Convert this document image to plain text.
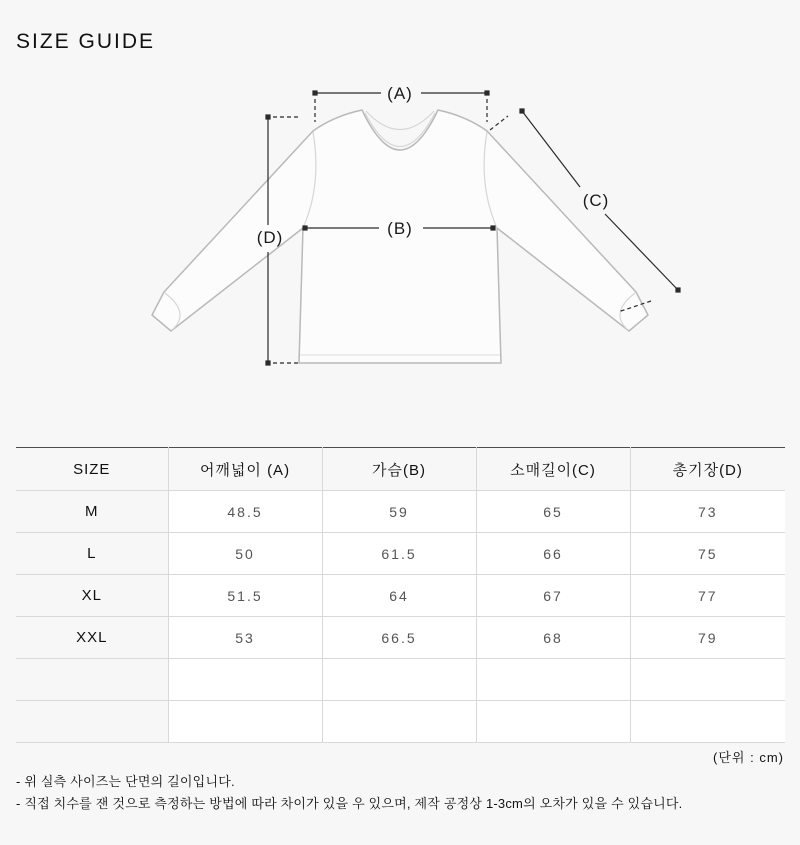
SIZE GUIDE
(A)
(B)
(C)
(D)
SIZE	어깨넓이 (A)	가슴(B)	소매길이(C)	총기장(D)
M	48.5	59	65	73
L	50	61.5	66	75
XL	51.5	64	67	77
XXL	53	66.5	68	79

(단위 : cm)
- 위 실측 사이즈는 단면의 길이입니다.
- 직접 치수를 잰 것으로 측정하는 방법에 따라 차이가 있을 우 있으며, 제작 공정상 1-3cm의 오차가 있을 수 있습니다.
